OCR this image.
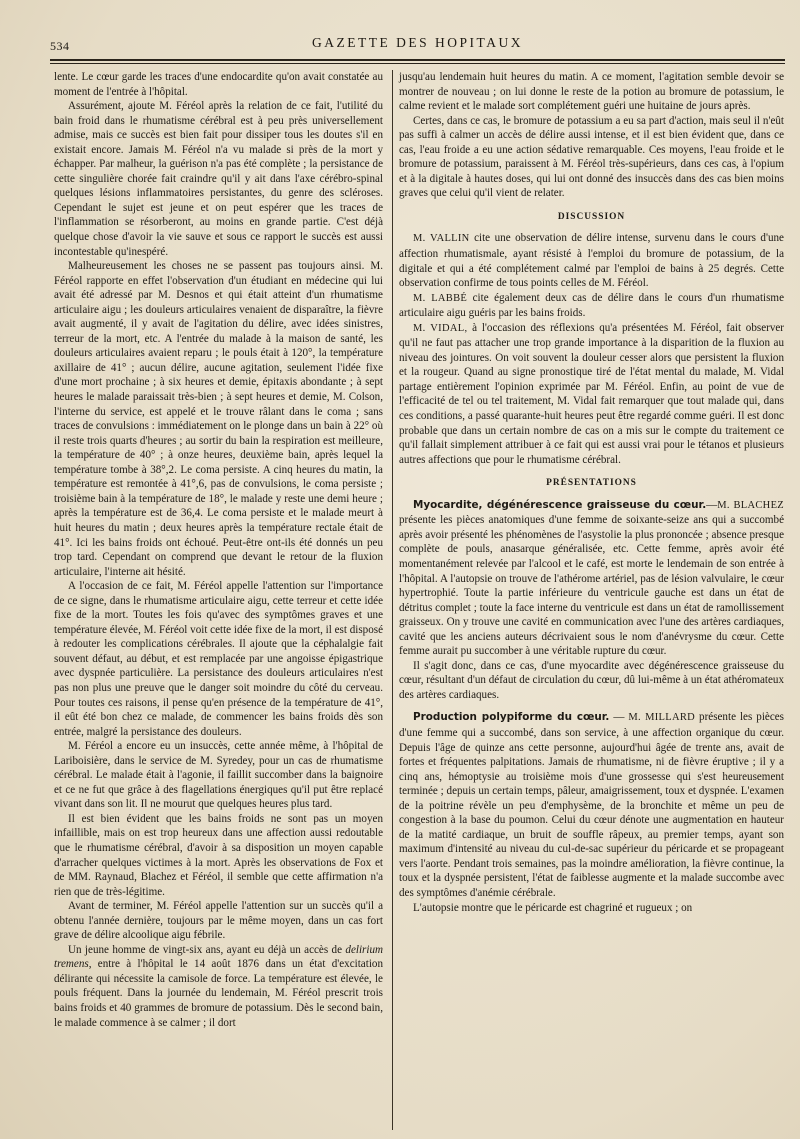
534	GAZETTE DES HOPITAUX

lente. Le cœur garde les traces d'une endocardite qu'on avait constatée au moment de l'entrée à l'hôpital.

Assurément, ajoute M. Féréol après la relation de ce fait, l'utilité du bain froid dans le rhumatisme cérébral est à peu près universellement admise, mais ce succès est bien fait pour dissiper tous les doutes s'il en existait encore. Jamais M. Féréol n'a vu malade si près de la mort y échapper. Par malheur, la guérison n'a pas été complète ; la persistance de cette singulière chorée fait craindre qu'il y ait dans l'axe cérébro-spinal quelques lésions inflammatoires persistantes, du genre des scléroses. Cependant le sujet est jeune et on peut espérer que les traces de l'inflammation se résorberont, au moins en grande partie. C'est déjà quelque chose d'avoir la vie sauve et sous ce rapport le succès est aussi incontestable qu'inespéré.

Malheureusement les choses ne se passent pas toujours ainsi. M. Féréol rapporte en effet l'observation d'un étudiant en médecine qui lui avait été adressé par M. Desnos et qui était atteint d'un rhumatisme articulaire aigu ; les douleurs articulaires venaient de disparaître, la fièvre avait augmenté, il y avait de l'agitation du délire, avec idées sinistres, terreur de la mort, etc. A l'entrée du malade à la maison de santé, les douleurs articulaires avaient reparu ; le pouls était à 120°, la température axillaire de 41° ; aucun délire, aucune agitation, seulement l'idée fixe d'une mort prochaine ; à six heures et demie, épitaxis abondante ; à sept heures le malade paraissait très-bien ; à sept heures et demie, M. Colson, l'interne du service, est appelé et le trouve râlant dans le coma ; sans traces de convulsions : immédiatement on le plonge dans un bain à 22° où il reste trois quarts d'heures ; au sortir du bain la respiration est meilleure, la température de 40° ; à onze heures, deuxième bain, après lequel la température tombe à 38°,2. Le coma persiste. A cinq heures du matin, la température est remontée à 41°,6, pas de convulsions, le coma persiste ; troisième bain à la température de 18°, le malade y reste une demi heure ; après la température est de 36,4. Le coma persiste et le malade meurt à huit heures du matin ; deux heures après la température rectale était de 41°. Ici les bains froids ont échoué. Peut-être ont-ils été donnés un peu trop tard. Cependant on comprend que devant le retour de la fluxion articulaire, l'interne ait hésité.

A l'occasion de ce fait, M. Féréol appelle l'attention sur l'importance de ce signe, dans le rhumatisme articulaire aigu, cette terreur et cette idée fixe de la mort. Toutes les fois qu'avec des symptômes graves et une température élevée, M. Féréol voit cette idée fixe de la mort, il est disposé à redouter les complications cérébrales. Il ajoute que la céphalalgie fait souvent défaut, au début, et est remplacée par une angoisse épigastrique avec dyspnée particulière. La persistance des douleurs articulaires n'est pas non plus une preuve que le danger soit moindre du côté du cerveau. Pour toutes ces raisons, il pense qu'en présence de la température de 41°, il eût été bon chez ce malade, de commencer les bains froids dès son entrée, malgré la persistance des douleurs.

M. Féréol a encore eu un insuccès, cette année même, à l'hôpital de Lariboisière, dans le service de M. Syredey, pour un cas de rhumatisme cérébral. Le malade était à l'agonie, il faillit succomber dans la baignoire et ce ne fut que grâce à des flagellations énergiques qu'il put être replacé vivant dans son lit. Il ne mourut que quelques heures plus tard.

Il est bien évident que les bains froids ne sont pas un moyen infaillible, mais on est trop heureux dans une affection aussi redoutable que le rhumatisme cérébral, d'avoir à sa disposition un moyen capable d'arracher quelques victimes à la mort. Après les observations de Fox et de MM. Raynaud, Blachez et Féréol, il semble que cette affirmation n'a rien que de très-légitime.

Avant de terminer, M. Féréol appelle l'attention sur un succès qu'il a obtenu l'année dernière, toujours par le même moyen, dans un cas fort grave de délire alcoolique aigu fébrile.

Un jeune homme de vingt-six ans, ayant eu déjà un accès de delirium tremens, entre à l'hôpital le 14 août 1876 dans un état d'excitation délirante qui nécessite la camisole de force. La température est élevée, le pouls fréquent. Dans la journée du lendemain, M. Féréol prescrit trois bains froids et 40 grammes de bromure de potassium. Dès le second bain, le malade commence à se calmer ; il dort

jusqu'au lendemain huit heures du matin. A ce moment, l'agitation semble devoir se montrer de nouveau ; on lui donne le reste de la potion au bromure de potassium, le calme revient et le malade sort complétement guéri une huitaine de jours après.

Certes, dans ce cas, le bromure de potassium a eu sa part d'action, mais seul il n'eût pas suffi à calmer un accès de délire aussi intense, et il est bien évident que, dans ce cas, l'eau froide a eu une action sédative remarquable. Ces moyens, l'eau froide et le bromure de potassium, paraissent à M. Féréol très-supérieurs, dans ces cas, à l'opium et à la digitale à hautes doses, qui lui ont donné des insuccès dans des cas bien moins graves que celui qu'il vient de relater.

DISCUSSION

M. VALLIN cite une observation de délire intense, survenu dans le cours d'une affection rhumatismale, ayant résisté à l'emploi du bromure de potassium, de la digitale et qui a été complétement calmé par l'emploi de bains à 25 degrés. Cette observation confirme de tous points celles de M. Féréol.

M. LABBÉ cite également deux cas de délire dans le cours d'un rhumatisme articulaire aigu guéris par les bains froids.

M. VIDAL, à l'occasion des réflexions qu'a présentées M. Féréol, fait observer qu'il ne faut pas attacher une trop grande importance à la disparition de la fluxion au niveau des jointures. On voit souvent la douleur cesser alors que persistent la fluxion et la rougeur. Quand au signe pronostique tiré de l'état mental du malade, M. Vidal partage entièrement l'opinion exprimée par M. Féréol. Enfin, au point de vue de l'efficacité de tel ou tel traitement, M. Vidal fait remarquer que tout malade qui, dans ces conditions, a passé quarante-huit heures peut être regardé comme guéri. Il est donc probable que dans un certain nombre de cas on a mis sur le compte du traitement ce qu'il fallait simplement attribuer à ce fait qui est aussi vrai pour le tétanos et plusieurs autres affections que pour le rhumatisme cérébral.

PRÉSENTATIONS

Myocardite, dégénérescence graisseuse du cœur.—M. BLACHEZ présente les pièces anatomiques d'une femme de soixante-seize ans qui a succombé après avoir présenté les phénomènes de l'asystolie la plus prononcée ; absence presque complète de pouls, anasarque généralisée, etc. Cette femme, après avoir été momentanément relevée par l'alcool et le café, est morte le lendemain de son entrée à l'hôpital. A l'autopsie on trouve de l'athérome artériel, pas de lésion valvulaire, le cœur hypertrophié. Toute la partie inférieure du ventricule gauche est dans un état de détritus complet ; toute la face interne du ventricule est dans un état de ramollissement graisseux. On y trouve une cavité en communication avec l'une des artères cardiaques, cavité que les anciens auteurs décrivaient sous le nom d'anévrysme du cœur. Cette femme aurait pu succomber à une véritable rupture du cœur.

Il s'agit donc, dans ce cas, d'une myocardite avec dégénérescence graisseuse du cœur, résultant d'un défaut de circulation du cœur, dû lui-même à un état athéromateux des artères cardiaques.

Production polypiforme du cœur. — M. MILLARD présente les pièces d'une femme qui a succombé, dans son service, à une affection organique du cœur. Depuis l'âge de quinze ans cette personne, aujourd'hui âgée de trente ans, avait de fortes et fréquentes palpitations. Jamais de rhumatisme, ni de fièvre éruptive ; il y a cinq ans, hémoptysie au troisième mois d'une grossesse qui s'est heureusement terminée ; depuis un certain temps, pâleur, amaigrissement, toux et dyspnée. L'examen de la poitrine révèle un peu d'emphysème, de la bronchite et même un peu de congestion à la base du poumon. Celui du cœur dénote une augmentation en hauteur de la matité cardiaque, un bruit de souffle râpeux, au premier temps, ayant son maximum d'intensité au niveau du cul-de-sac supérieur du péricarde et se propageant vers l'aorte. Pendant trois semaines, pas la moindre amélioration, la fièvre continue, la toux et la dyspnée persistent, l'état de faiblesse augmente et la malade succombe avec des symptômes d'anémie cérébrale.

L'autopsie montre que le péricarde est chagriné et rugueux ; on
